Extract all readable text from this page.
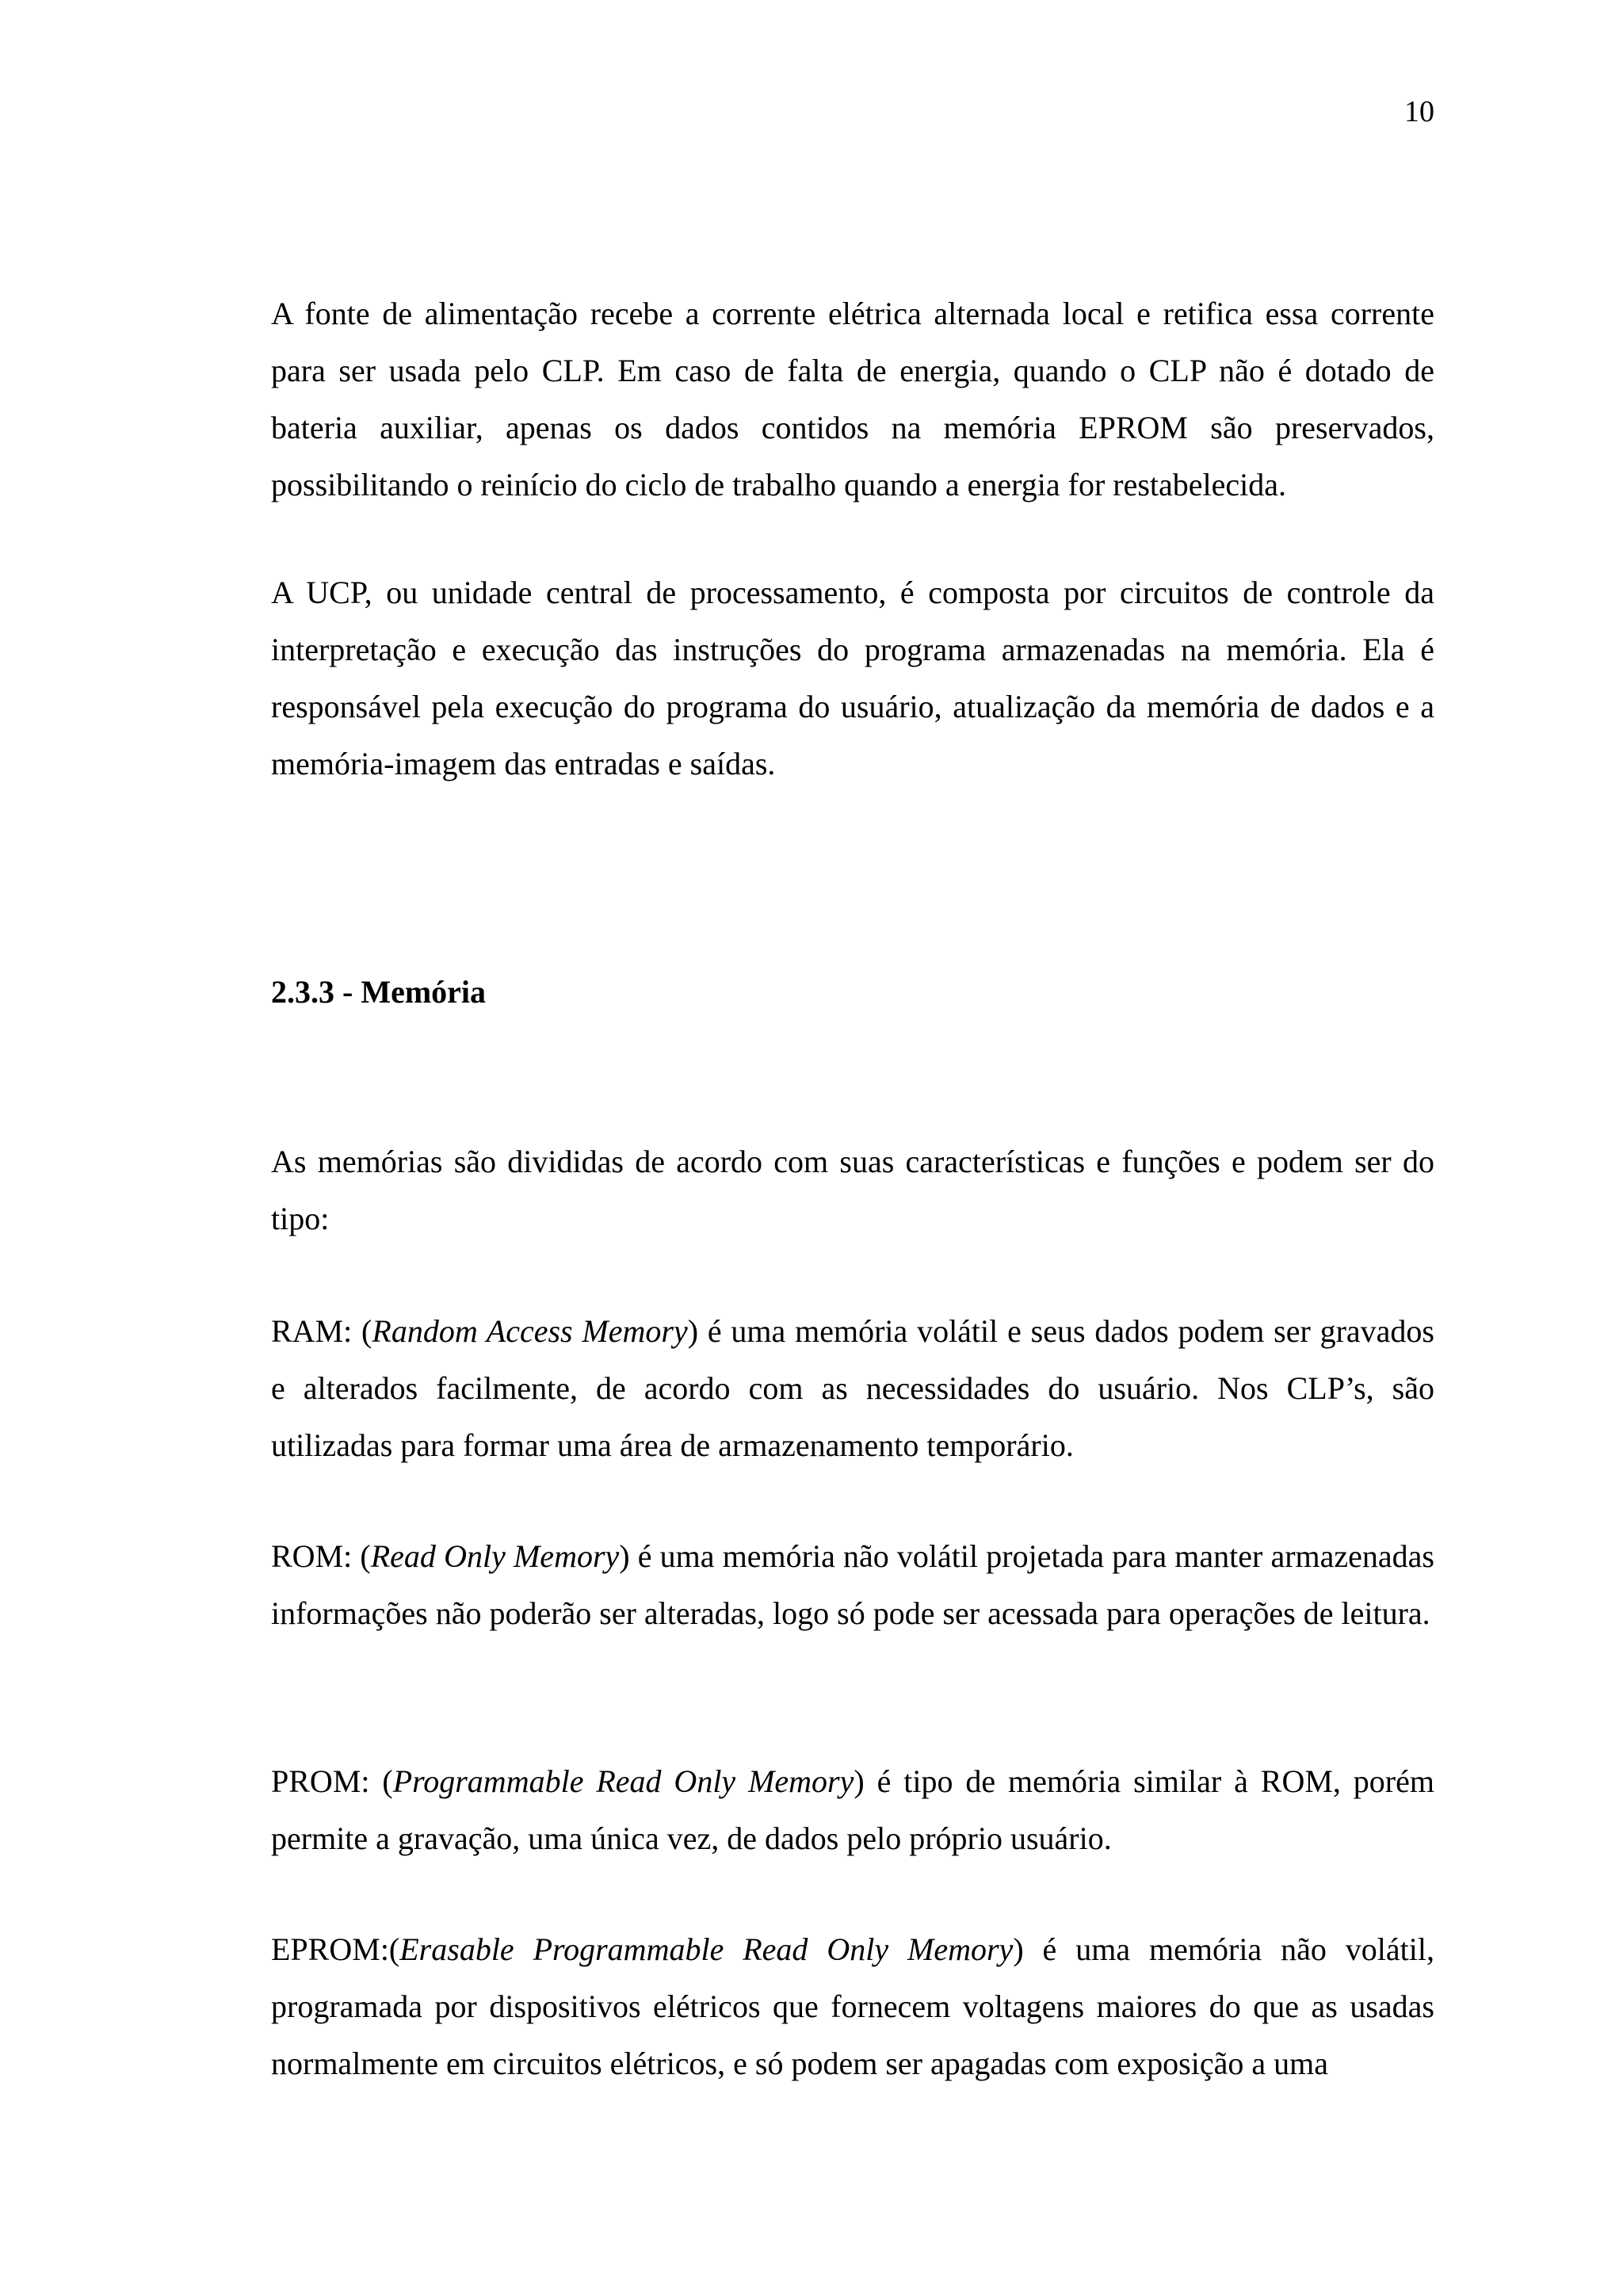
10

A fonte de alimentação recebe a corrente elétrica alternada local e retifica essa corrente para ser usada pelo CLP. Em caso de falta de energia, quando o CLP não é dotado de bateria auxiliar, apenas os dados contidos na memória EPROM são preservados, possibilitando o reinício do ciclo de trabalho quando a energia for restabelecida.

A UCP, ou unidade central de processamento, é composta por circuitos de controle da interpretação e execução das instruções do programa armazenadas na memória. Ela é responsável pela execução do programa do usuário, atualização da memória de dados e a memória-imagem das entradas e saídas.

2.3.3 - Memória

As memórias são divididas de acordo com suas características e funções e podem ser do tipo:

RAM: (Random Access Memory) é uma memória volátil e seus dados podem ser gravados e alterados facilmente, de acordo com as necessidades do usuário. Nos CLP’s, são utilizadas para formar uma área de armazenamento temporário.

ROM: (Read Only Memory) é uma memória não volátil projetada para manter armazenadas informações não poderão ser alteradas, logo só pode ser acessada para operações de leitura.

PROM: (Programmable Read Only Memory) é tipo de memória similar à ROM, porém permite a gravação, uma única vez, de dados pelo próprio usuário.

EPROM:(Erasable Programmable Read Only Memory) é uma memória não volátil, programada por dispositivos elétricos que fornecem voltagens maiores do que as usadas normalmente em circuitos elétricos, e só podem ser apagadas com exposição a uma
